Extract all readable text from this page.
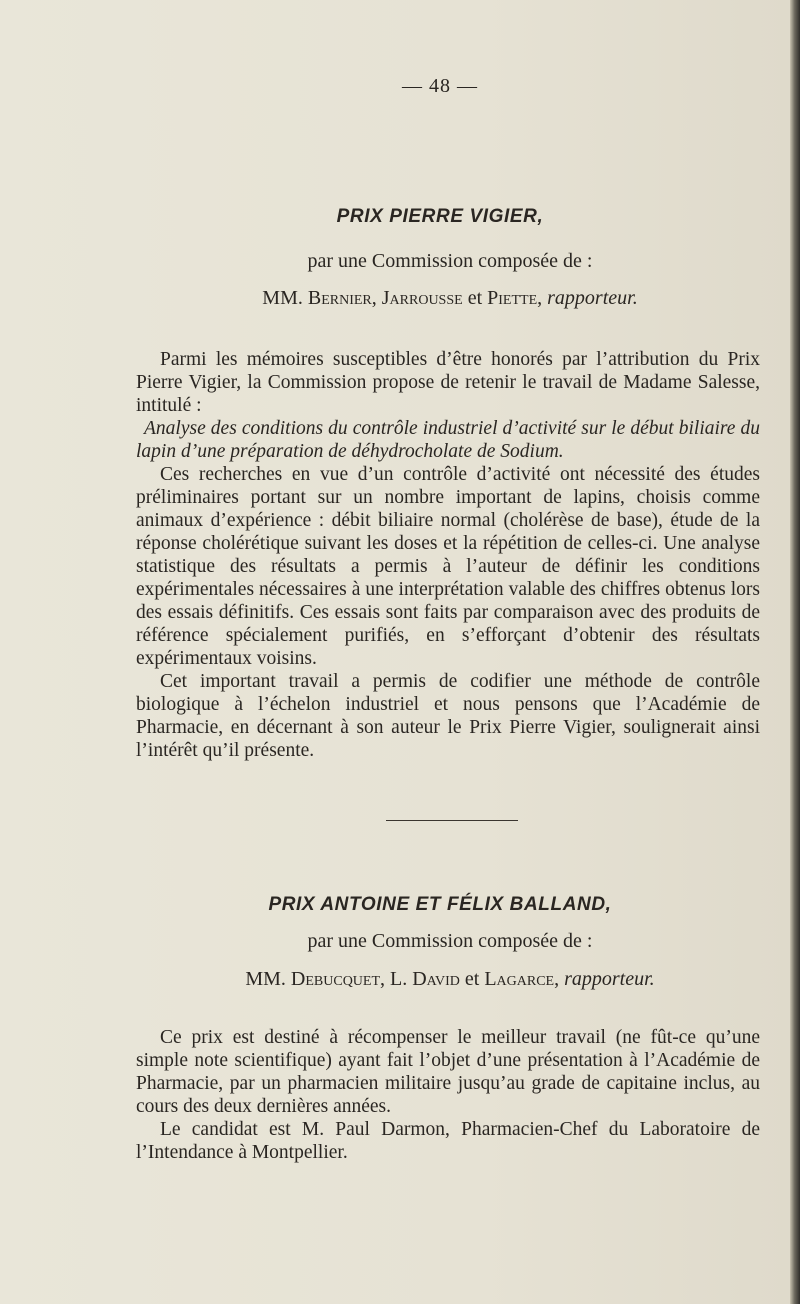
— 48 —
PRIX PIERRE VIGIER,
par une Commission composée de :
MM. Bernier, Jarrousse et Piette, rapporteur.

Parmi les mémoires susceptibles d’être honorés par l’attribution du Prix Pierre Vigier, la Commission propose de retenir le travail de Madame Salesse, intitulé :

Analyse des conditions du contrôle industriel d’activité sur le début biliaire du lapin d’une préparation de déhydrocholate de Sodium.

Ces recherches en vue d’un contrôle d’activité ont nécessité des études préliminaires portant sur un nombre important de lapins, choisis comme animaux d’expérience : débit biliaire normal (cholérèse de base), étude de la réponse cholérétique suivant les doses et la répétition de celles-ci. Une analyse statistique des résultats a permis à l’auteur de définir les conditions expérimentales nécessaires à une interprétation valable des chiffres obtenus lors des essais définitifs. Ces essais sont faits par comparaison avec des produits de référence spécialement purifiés, en s’efforçant d’obtenir des résultats expérimentaux voisins.

Cet important travail a permis de codifier une méthode de contrôle biologique à l’échelon industriel et nous pensons que l’Académie de Pharmacie, en décernant à son auteur le Prix Pierre Vigier, soulignerait ainsi l’intérêt qu’il présente.

PRIX ANTOINE ET FÉLIX BALLAND,
par une Commission composée de :
MM. Debucquet, L. David et Lagarce, rapporteur.

Ce prix est destiné à récompenser le meilleur travail (ne fût-ce qu’une simple note scientifique) ayant fait l’objet d’une présentation à l’Académie de Pharmacie, par un pharmacien militaire jusqu’au grade de capitaine inclus, au cours des deux dernières années.

Le candidat est M. Paul Darmon, Pharmacien-Chef du Laboratoire de l’Intendance à Montpellier.
